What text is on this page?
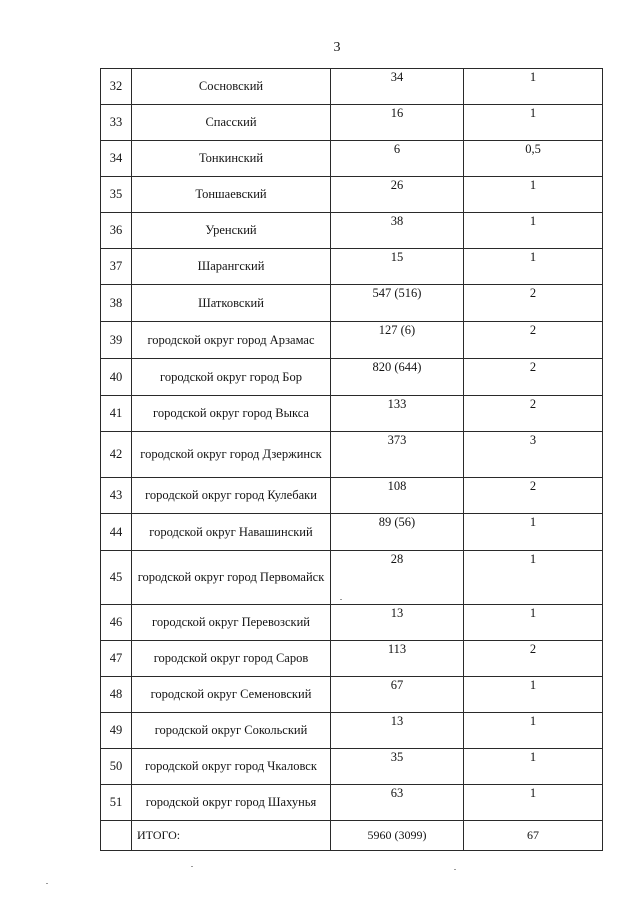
3
32	Сосновский	34	1
33	Спасский	16	1
34	Тонкинский	6	0,5
35	Тоншаевский	26	1
36	Уренский	38	1
37	Шарангский	15	1
38	Шатковский	547 (516)	2
39	городской округ город Арзамас	127 (6)	2
40	городской округ город Бор	820 (644)	2
41	городской округ город Выкса	133	2
42	городской округ город Дзержинск	373	3
43	городской округ город Кулебаки	108	2
44	городской округ Навашинский	89 (56)	1
45	городской округ город Первомайск	28	1
46	городской округ Перевозский	13	1
47	городской округ город Саров	113	2
48	городской округ Семеновский	67	1
49	городской округ Сокольский	13	1
50	городской округ город Чкаловск	35	1
51	городской округ город Шахунья	63	1
	ИТОГО:	5960 (3099)	67
